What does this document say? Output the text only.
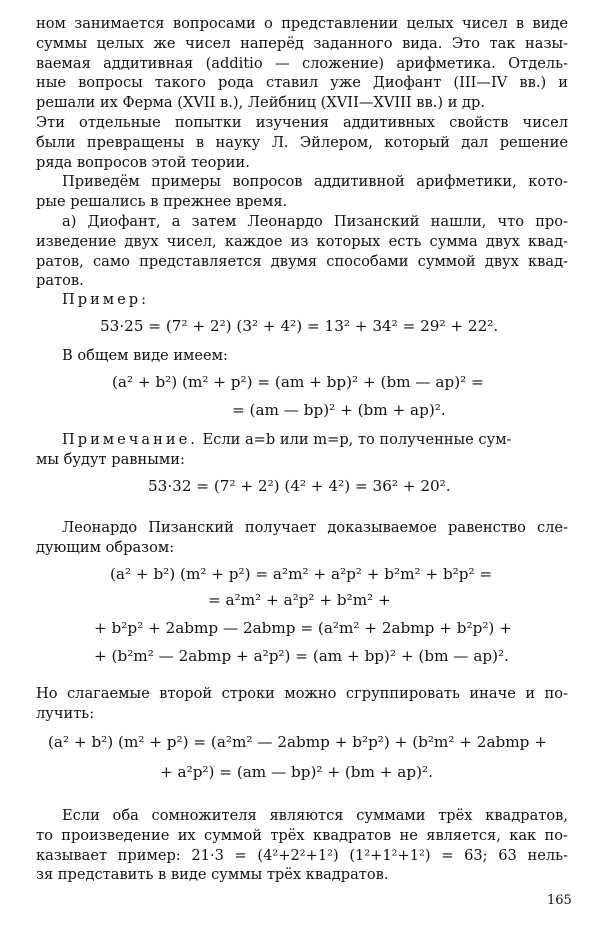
ном занимается вопросами о представлении целых чисел в виде
суммы целых же чисел наперёд заданного вида. Это так назы-
ваемая аддитивная (additio — сложение) арифметика. Отдель-
ные вопросы такого рода ставил уже Диофант (III—IV вв.) и
решали их Ферма (XVII в.), Лейбниц (XVII—XVIII вв.) и др.
Эти отдельные попытки изучения аддитивных свойств чисел
были превращены в науку Л. Эйлером, который дал решение
ряда вопросов этой теории.

Приведём примеры вопросов аддитивной арифметики, кото-
рые решались в прежнее время.

а) Диофант, а затем Леонардо Пизанский нашли, что про-
изведение двух чисел, каждое из которых есть сумма двух квад-
ратов, само представляется двумя способами суммой двух квад-
ратов.

Пример:
53·25 = (7² + 2²) (3² + 4²) = 13² + 34² = 29² + 22².
В общем виде имеем:
(a² + b²) (m² + p²) = (am + bp)² + (bm — ap)² =
= (am — bp)² + (bm + ap)².
Примечание. Если a=b или m=p, то полученные сум-
мы будут равными:
53·32 = (7² + 2²) (4² + 4²) = 36² + 20².

Леонардо Пизанский получает доказываемое равенство сле-
дующим образом:

(a² + b²) (m² + p²) = a²m² + a²p² + b²m² + b²p² =
= a²m² + a²p² + b²m² +
+ b²p² + 2abmp — 2abmp = (a²m² + 2abmp + b²p²) +
+ (b²m² — 2abmp + a²p²) = (am + bp)² + (bm — ap)².

Но слагаемые второй строки можно сгруппировать иначе и по-
лучить:

(a² + b²) (m² + p²) = (a²m² — 2abmp + b²p²) + (b²m² + 2abmp +
+ a²p²) = (am — bp)² + (bm + ap)².

Если оба сомножителя являются суммами трёх квадратов,
то произведение их суммой трёх квадратов не является, как по-
казывает пример: 21·3 = (4²+2²+1²) (1²+1²+1²) = 63; 63 нель-
зя представить в виде суммы трёх квадратов.

165
